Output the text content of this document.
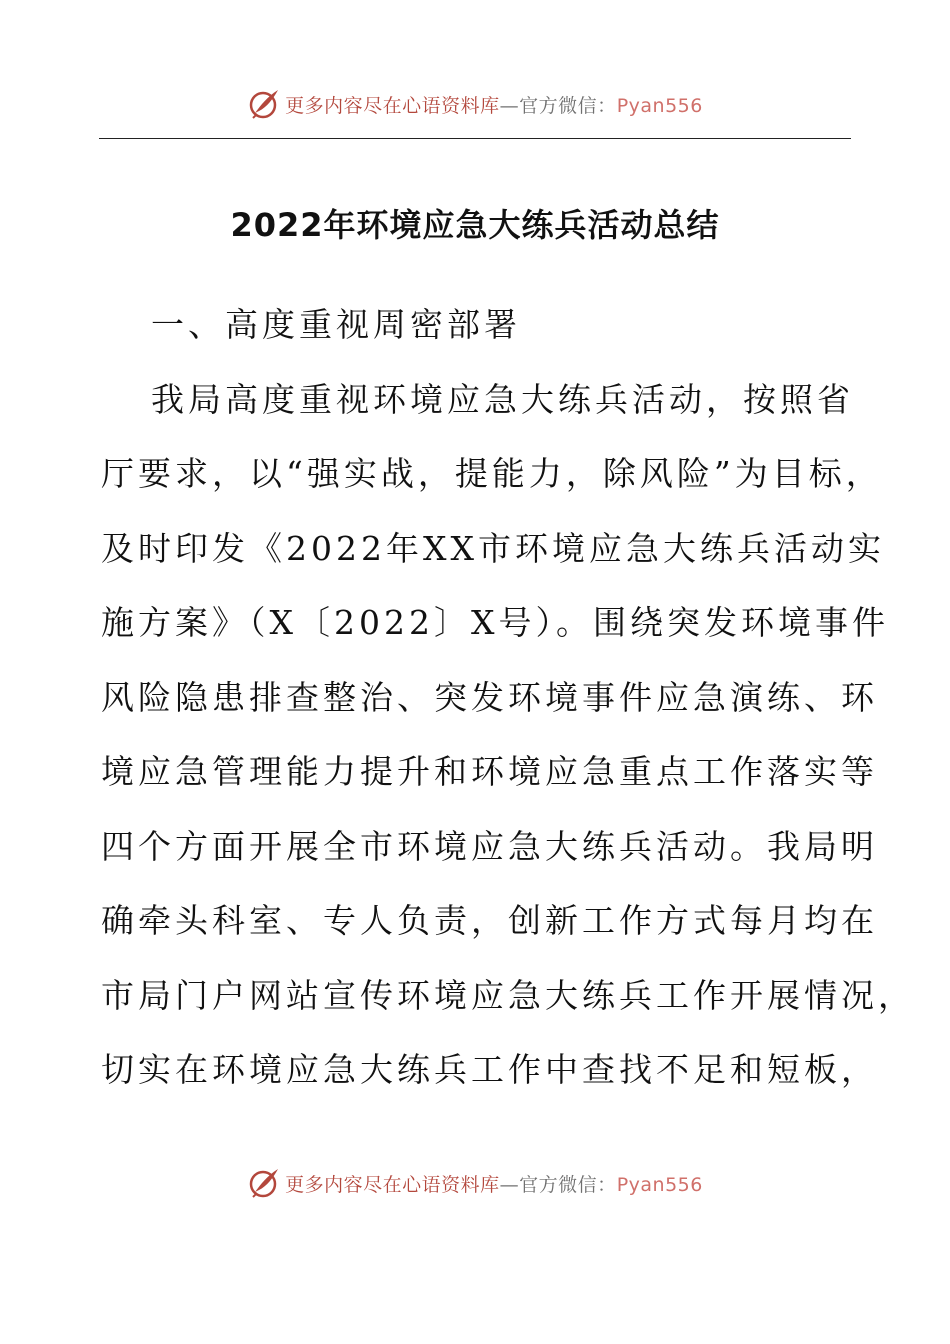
更多内容尽在心语资料库—官方微信：Pyan556
2022年环境应急大练兵活动总结
一、高度重视周密部署
我局高度重视环境应急大练兵活动，按照省
厅要求，以“强实战，提能力，除风险”为目标，
及时印发《2022年XX市环境应急大练兵活动实
施方案》（X〔2022〕X号）。围绕突发环境事件
风险隐患排查整治、突发环境事件应急演练、环
境应急管理能力提升和环境应急重点工作落实等
四个方面开展全市环境应急大练兵活动。我局明
确牵头科室、专人负责，创新工作方式每月均在
市局门户网站宣传环境应急大练兵工作开展情况，
切实在环境应急大练兵工作中查找不足和短板，
更多内容尽在心语资料库—官方微信：Pyan556
